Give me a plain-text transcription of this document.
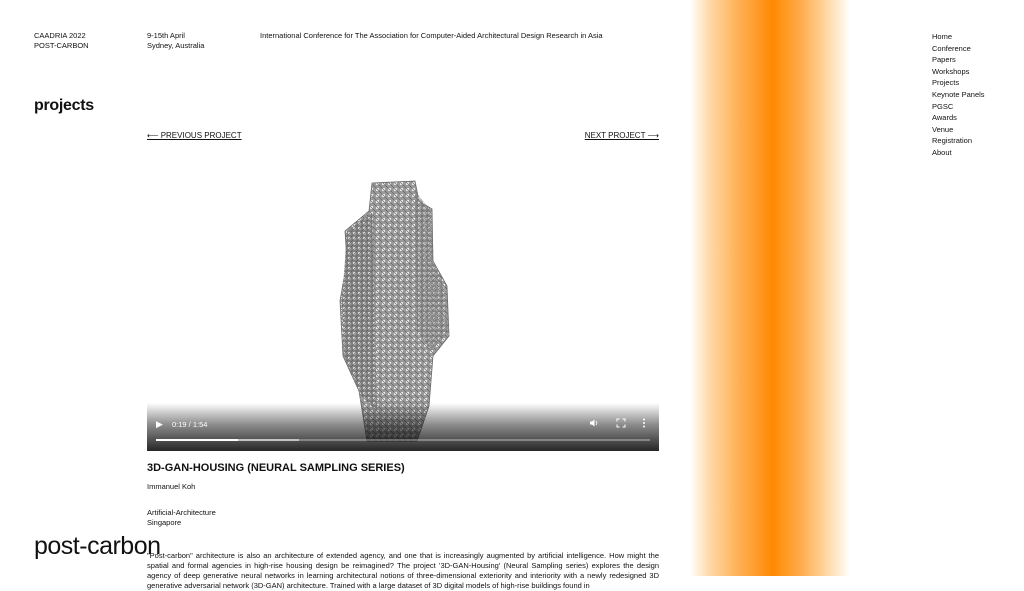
CAADRIA 2022
POST-CARBON
9-15th April
Sydney, Australia
International Conference for The Association for Computer-Aided Architectural Design Research in Asia	Home
Conference
Papers
Workshops
Projects
Keynote Panels
PGSC
Awards
Venue
Registration
About
projects
⟵ PREVIOUS PROJECT	NEXT PROJECT ⟶
▶ 0:19 / 1:54
3D-GAN-HOUSING (NEURAL SAMPLING SERIES)
Immanuel Koh
Artificial-Architecture
Singapore

"Post-carbon" architecture is also an architecture of extended agency, and one that is increasingly augmented by artificial intelligence. How might the spatial and formal agencies in high-rise housing design be reimagined? The project '3D-GAN-Housing' (Neural Sampling series) explores the design agency of deep generative neural networks in learning architectural notions of three-dimensional exteriority and interiority with a newly redesigned 3D generative adversarial network (3D-GAN) architecture. Trained with a large dataset of 3D digital models of high-rise buildings found in

post-carbon
